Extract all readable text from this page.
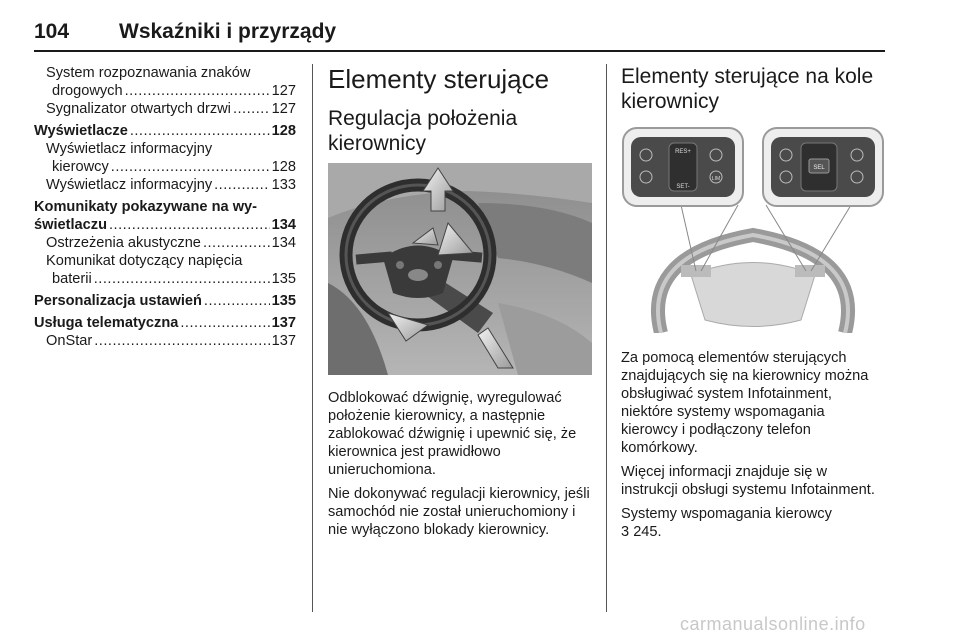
104 Wskaźniki i przyrządy
System rozpoznawania znaków
drogowych .....	127
Sygnalizator otwartych drzwi .....	127
Wyświetlacze .....	128
Wyświetlacz informacyjny
kierowcy .....	128
Wyświetlacz informacyjny .....	133
Komunikaty pokazywane na wy-
świetlaczu .....	134
Ostrzeżenia akustyczne .....	134
Komunikat dotyczący napięcia
baterii .....	135
Personalizacja ustawień .....	135
Usługa telematyczna .....	137
OnStar .....	137
Elementy sterujące
Regulacja położenia kierownicy

Odblokować dźwignię, wyregulować położenie kierownicy, a następnie zablokować dźwignię i upewnić się, że kierownica jest prawidłowo unieruchomiona.

Nie dokonywać regulacji kierownicy, jeśli samochód nie został unieruchomiony i nie wyłączono blokady kierownicy.

Elementy sterujące na kole kierownicy
RES+
SET-
LIM
SEL

Za pomocą elementów sterujących znajdujących się na kierownicy można obsługiwać system Infotainment, niektóre systemy wspomagania kierowcy i podłączony telefon komórkowy.

Więcej informacji znajduje się w instrukcji obsługi systemu Infotainment.

Systemy wspomagania kierowcy
3 245.

carmanualsonline.info
